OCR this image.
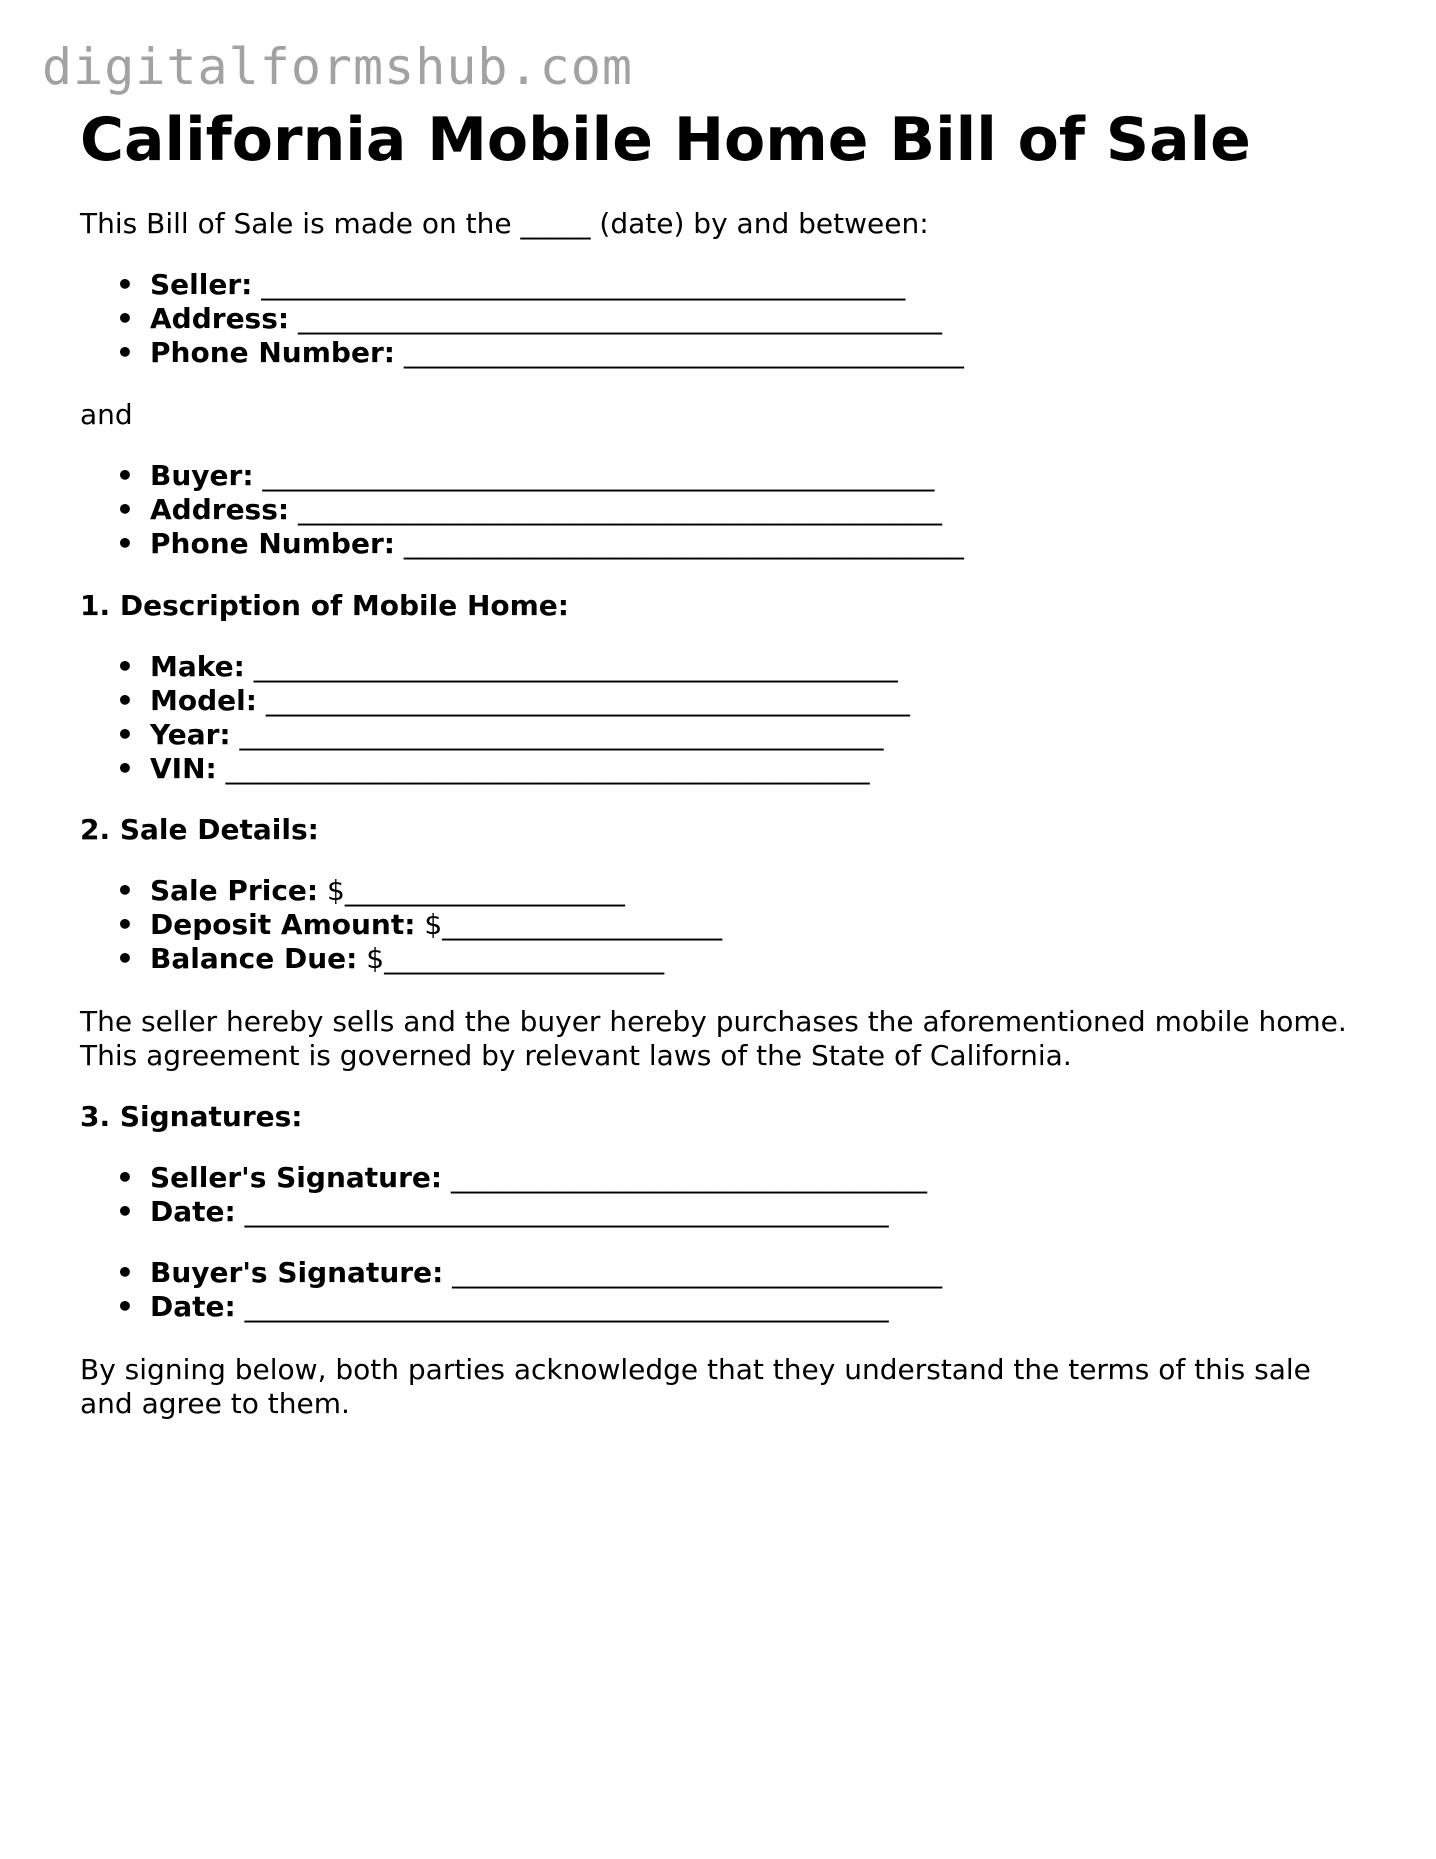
digitalformshub.com
California Mobile Home Bill of Sale

This Bill of Sale is made on the _____ (date) by and between:

• Seller: ______________________________________________
• Address: ______________________________________________
• Phone Number: ________________________________________

and

• Buyer: ________________________________________________
• Address: ______________________________________________
• Phone Number: ________________________________________
1. Description of Mobile Home:
• Make: ______________________________________________
• Model: ______________________________________________
• Year: ______________________________________________
• VIN: ______________________________________________
2. Sale Details:
• Sale Price: $____________________
• Deposit Amount: $____________________
• Balance Due: $____________________

The seller hereby sells and the buyer hereby purchases the aforementioned mobile home. This agreement is governed by relevant laws of the State of California.

3. Signatures:
• Seller's Signature: __________________________________
• Date: ______________________________________________
• Buyer's Signature: ___________________________________
• Date: ______________________________________________

By signing below, both parties acknowledge that they understand the terms of this sale and agree to them.
